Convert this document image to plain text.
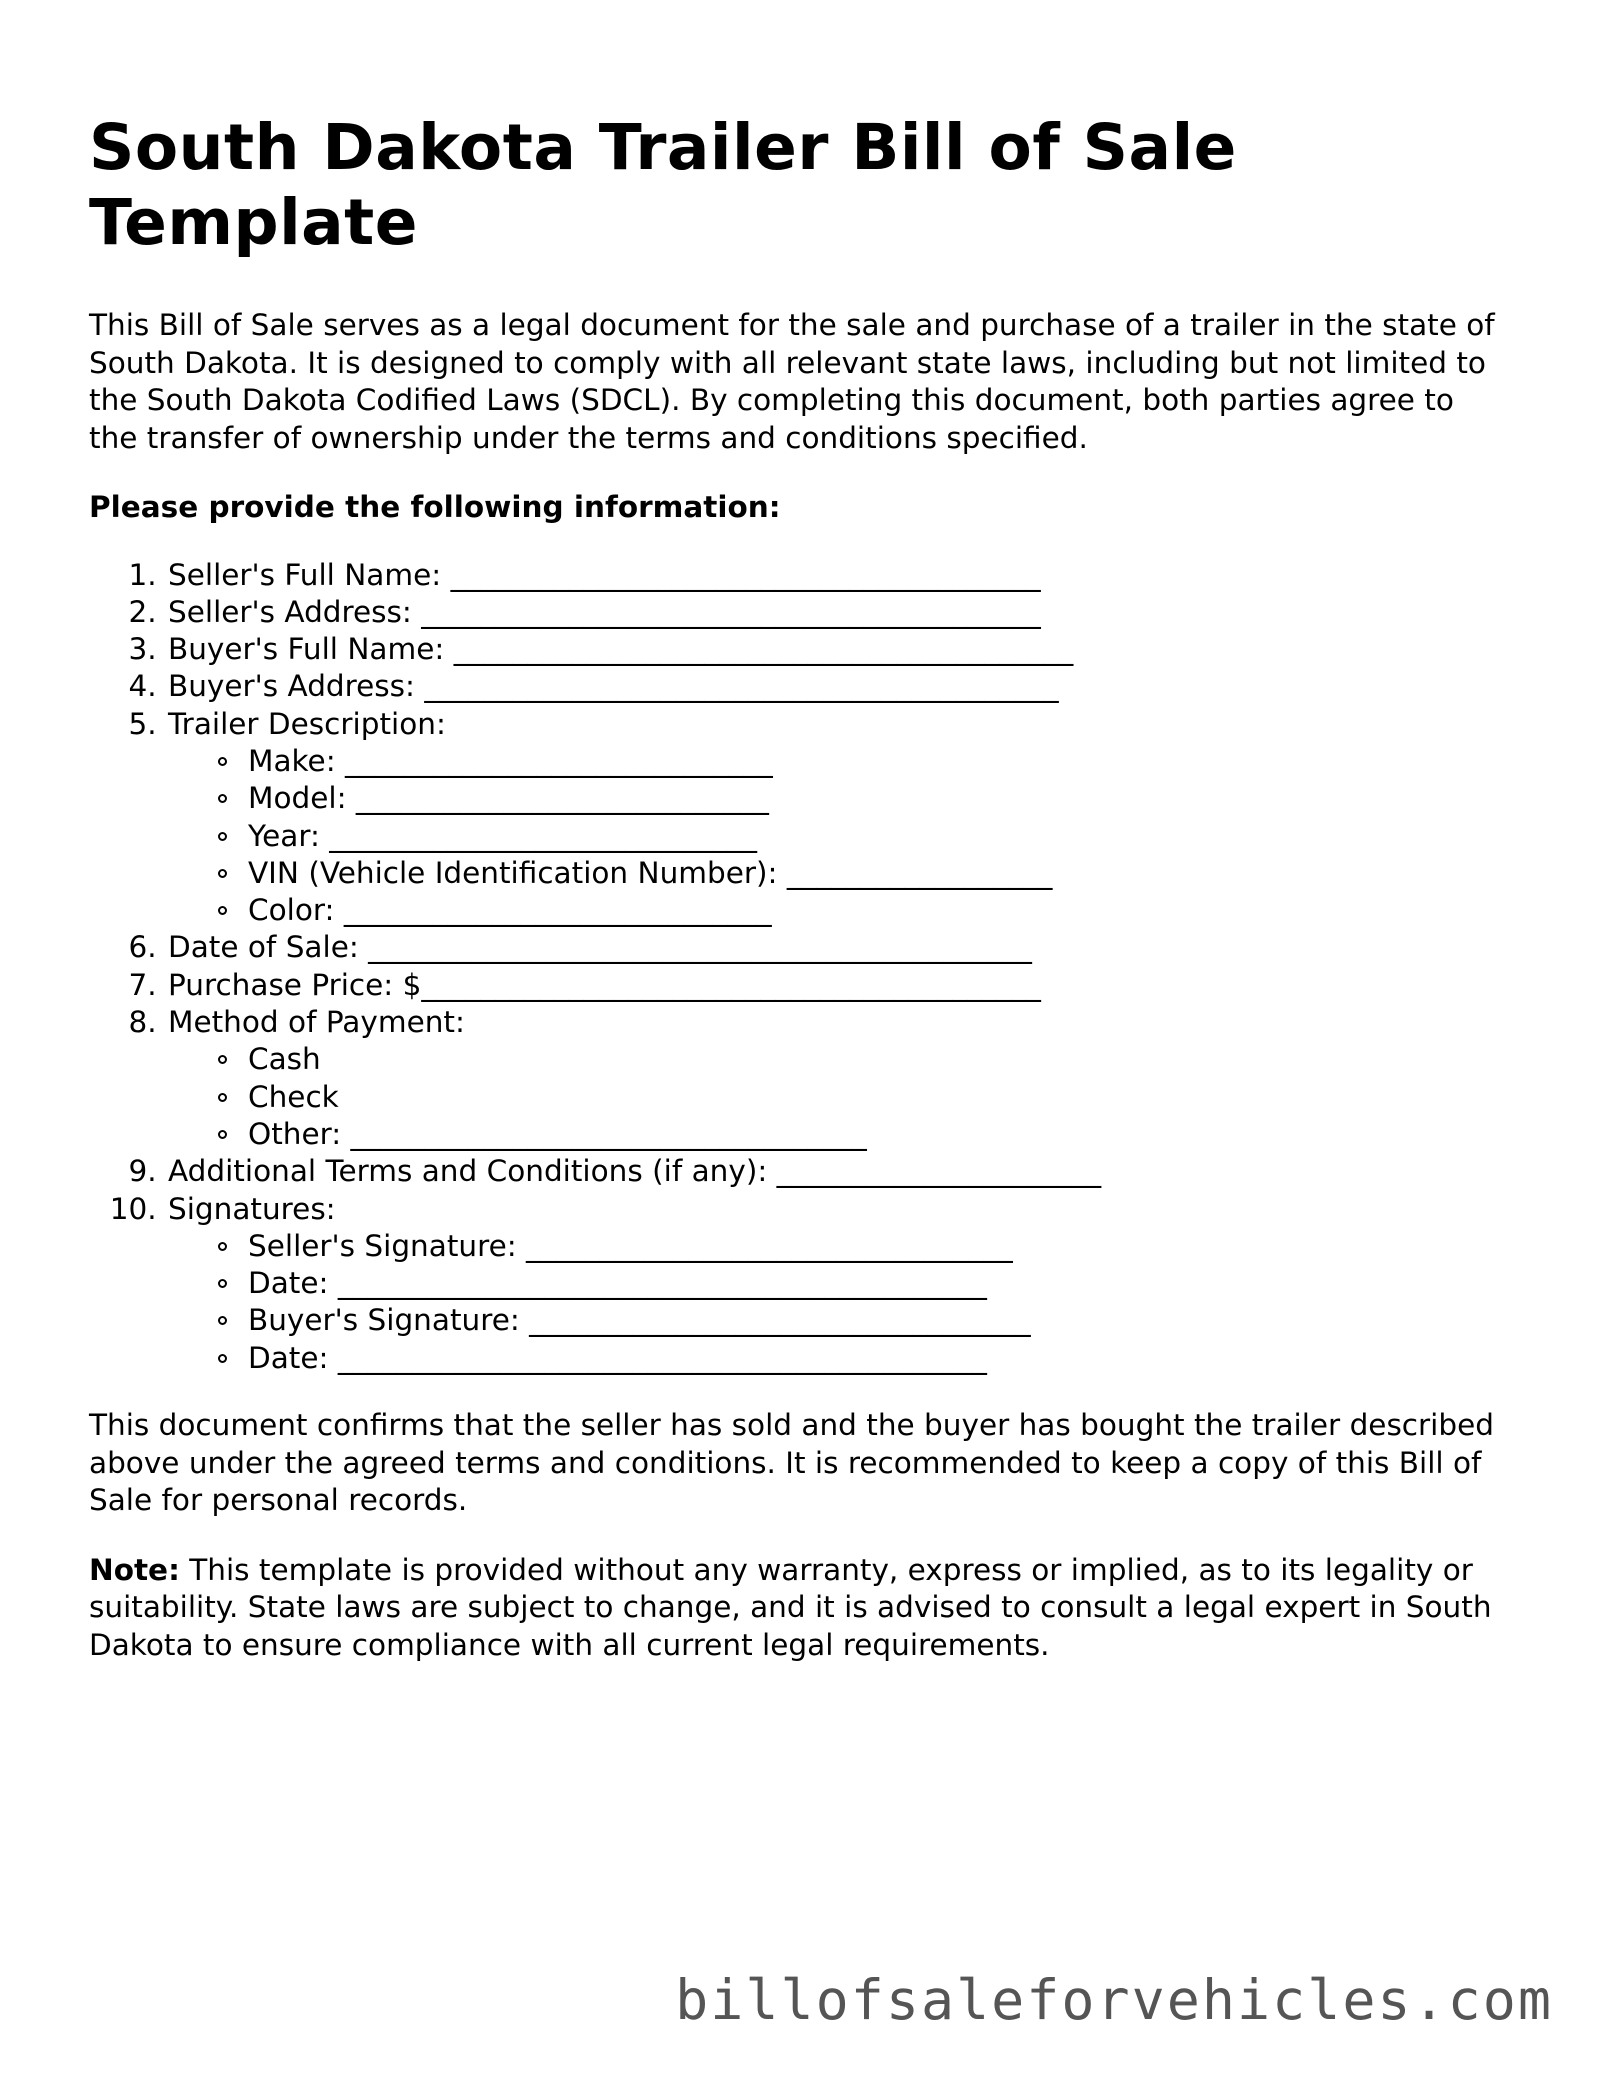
South Dakota Trailer Bill of Sale Template

This Bill of Sale serves as a legal document for the sale and purchase of a trailer in the state of South Dakota. It is designed to comply with all relevant state laws, including but not limited to the South Dakota Codified Laws (SDCL). By completing this document, both parties agree to the transfer of ownership under the terms and conditions specified.

Please provide the following information:

1. Seller's Full Name: ________________________________________
2. Seller's Address: __________________________________________
3. Buyer's Full Name: __________________________________________
4. Buyer's Address: ___________________________________________
5. Trailer Description:
Make: _____________________________
Model: ____________________________
Year: _____________________________
VIN (Vehicle Identification Number): __________________
Color: _____________________________
6. Date of Sale: _____________________________________________
7. Purchase Price: $__________________________________________
8. Method of Payment:
Cash
Check
Other: ___________________________________
9. Additional Terms and Conditions (if any): ______________________
10. Signatures:
Seller's Signature: _________________________________
Date: ____________________________________________
Buyer's Signature: __________________________________
Date: ____________________________________________

This document confirms that the seller has sold and the buyer has bought the trailer described above under the agreed terms and conditions. It is recommended to keep a copy of this Bill of Sale for personal records.

Note: This template is provided without any warranty, express or implied, as to its legality or suitability. State laws are subject to change, and it is advised to consult a legal expert in South Dakota to ensure compliance with all current legal requirements.

billofsaleforvehicles.com
